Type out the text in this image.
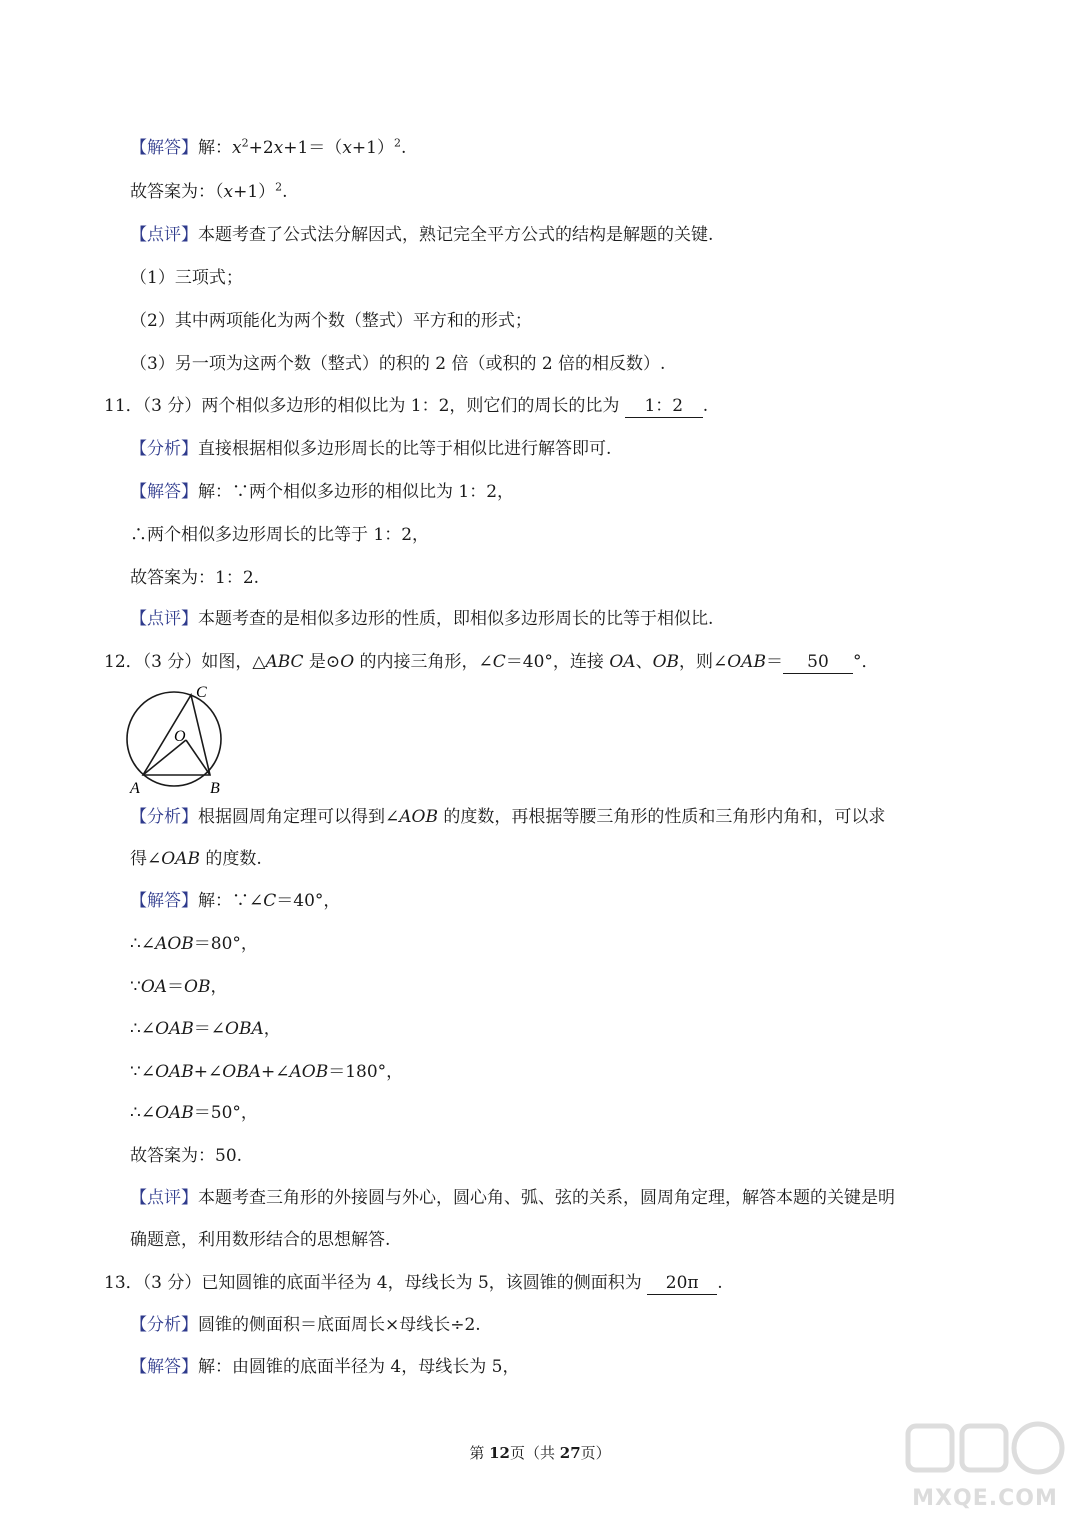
【解答】解：$x^2+2x+1=(x+1)^2$.
故答案为：$(x+1)^2$.
【点评】本题考查了公式法分解因式，熟记完全平方公式的结构是解题的关键.
（1）三项式；
（2）其中两项能化为两个数（整式）平方和的形式；
（3）另一项为这两个数（整式）的积的 2 倍（或积的 2 倍的相反数）.
11．（3 分）两个相似多边形的相似比为 1：2，则它们的周长的比为 1：2 .
【分析】直接根据相似多边形周长的比等于相似比进行解答即可.
【解答】解：∵两个相似多边形的相似比为 1：2，
∴两个相似多边形周长的比等于 1：2，
故答案为：1：2.
【点评】本题考查的是相似多边形的性质，即相似多边形周长的比等于相似比.
12．（3 分）如图，△ABC 是⊙O 的内接三角形，∠C＝40°，连接 OA、OB，则∠OAB＝ 50 °．
C
O
A	B
【分析】根据圆周角定理可以得到∠AOB 的度数，再根据等腰三角形的性质和三角形内角和，可以求
得∠OAB 的度数.
【解答】解：∵∠C＝40°，
∴∠AOB＝80°，
∵OA＝OB，
∴∠OAB＝∠OBA，
∵∠OAB+∠OBA+∠AOB＝180°，
∴∠OAB＝50°，
故答案为：50.
【点评】本题考查三角形的外接圆与外心，圆心角、弧、弦的关系，圆周角定理，解答本题的关键是明
确题意，利用数形结合的思想解答.
13．（3 分）已知圆锥的底面半径为 4，母线长为 5，该圆锥的侧面积为 20π .
【分析】圆锥的侧面积＝底面周长×母线长÷2.
【解答】解：由圆锥的底面半径为 4，母线长为 5，
第 12页（共 27页）
MXQE.COM
